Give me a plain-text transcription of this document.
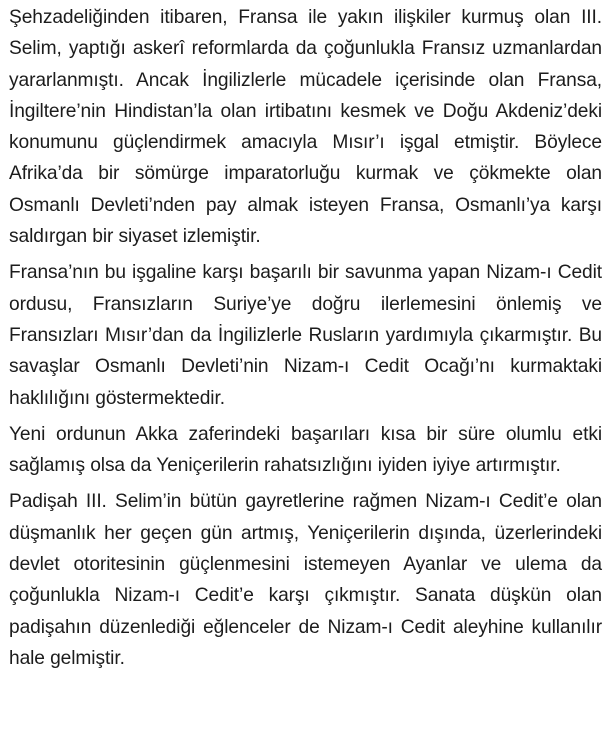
Şehzadeliğinden itibaren, Fransa ile yakın ilişkiler kurmuş olan III. Selim, yaptığı askerî reformlarda da çoğunlukla Fransız uzmanlardan yararlanmıştı. Ancak İngilizlerle mücadele içerisinde olan Fransa, İngiltere’nin Hindistan’la olan irtibatını kesmek ve Doğu Akdeniz’deki konumunu güçlendirmek amacıyla Mısır’ı işgal etmiştir. Böylece Afrika’da bir sömürge imparatorluğu kurmak ve çökmekte olan Osmanlı Devleti’nden pay almak isteyen Fransa, Osmanlı’ya karşı saldırgan bir siyaset izlemiştir.

Fransa’nın bu işgaline karşı başarılı bir savunma yapan Nizam-ı Cedit ordusu, Fransızların Suriye’ye doğru ilerlemesini önlemiş ve Fransızları Mısır’dan da İngilizlerle Rusların yardımıyla çıkarmıştır. Bu savaşlar Osmanlı Devleti’nin Nizam-ı Cedit Ocağı’nı kurmaktaki haklılığını göstermektedir.

Yeni ordunun Akka zaferindeki başarıları kısa bir süre olumlu etki sağlamış olsa da Yeniçerilerin rahatsızlığını iyiden iyiye artırmıştır.

Padişah III. Selim’in bütün gayretlerine rağmen Nizam-ı Cedit’e olan düşmanlık her geçen gün artmış, Yeniçerilerin dışında, üzerlerindeki devlet otoritesinin güçlenmesini istemeyen Ayanlar ve ulema da çoğunlukla Nizam-ı Cedit’e karşı çıkmıştır. Sanata düşkün olan padişahın düzenlediği eğlenceler de Nizam-ı Cedit aleyhine kullanılır hale gelmiştir.
